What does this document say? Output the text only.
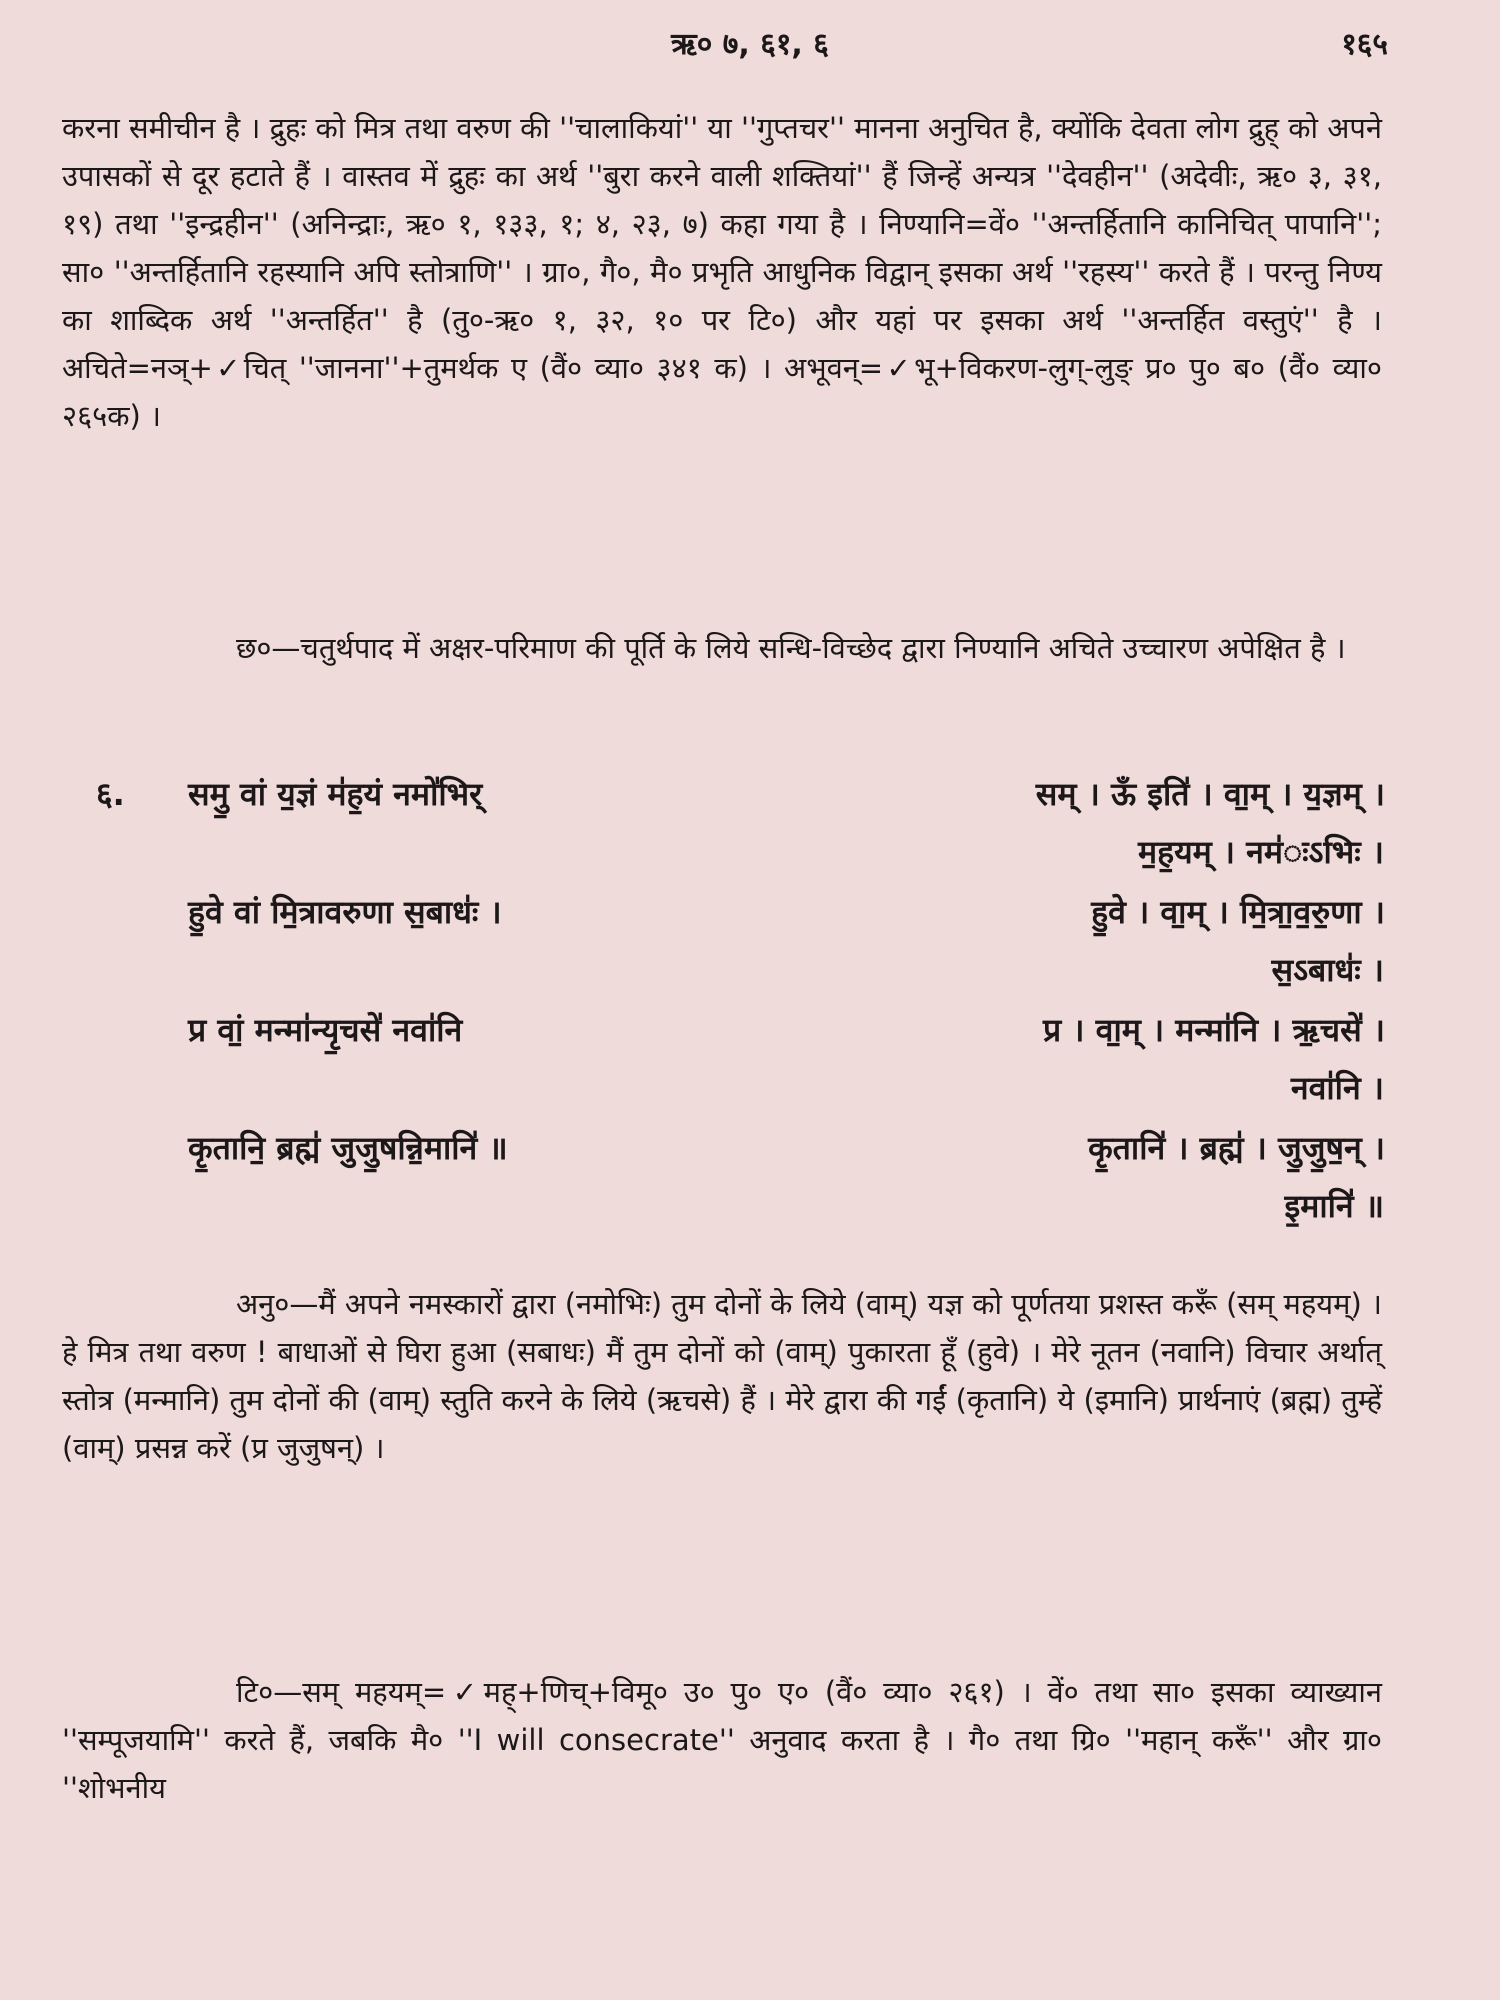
ऋ० ७, ६१, ६	१६५

करना समीचीन है । द्रुहः को मित्र तथा वरुण की ''चालाकियां'' या ''गुप्तचर'' मानना अनुचित है, क्योंकि देवता लोग द्रुह् को अपने उपासकों से दूर हटाते हैं । वास्तव में द्रुहः का अर्थ ''बुरा करने वाली शक्तियां'' हैं जिन्हें अन्यत्र ''देवहीन'' (अदेवीः, ऋ० ३, ३१, १९) तथा ''इन्द्रहीन'' (अनिन्द्राः, ऋ० १, १३३, १; ४, २३, ७) कहा गया है । निण्यानि=वें० ''अन्तर्हितानि कानिचित् पापानि''; सा० ''अन्तर्हितानि रहस्यानि अपि स्तोत्राणि'' । ग्रा०, गै०, मै० प्रभृति आधुनिक विद्वान् इसका अर्थ ''रहस्य'' करते हैं । परन्तु निण्य का शाब्दिक अर्थ ''अन्तर्हित'' है (तु०-ऋ० १, ३२, १० पर टि०) और यहां पर इसका अर्थ ''अन्तर्हित वस्तुएं'' है । अचिते=नञ्+✓चित् ''जानना''+तुमर्थक ए (वैं० व्या० ३४१ क) । अभूवन्=✓भू+विकरण-लुग्-लुङ् प्र० पु० ब० (वैं० व्या० २६५क) ।

छ०—चतुर्थपाद में अक्षर-परिमाण की पूर्ति के लिये सन्धि-विच्छेद द्वारा निण्यानि अचिते उच्चारण अपेक्षित है ।

६. समु॒ वां य॒ज्ञं म॑ह॒यं नमो॑भिर्	सम् । ऊँ इति॑ । वा॒म् । य॒ज्ञम् ।
म॒ह॒यम् । नम॑ःऽभिः ।
हु॒वे वां मि॒त्रावरुणा स॒बाधः॑ ।	हु॒वे । वा॒म् । मि॒त्रा॒व॒रु॒णा ।
स॒ऽबाधः॑ ।
प्र वां॒ मन्मा॑न्यृ॒चसे॑ नवा॑नि	प्र । वा॒म् । मन्मा॑नि । ऋ॒चसे॑ ।
नवा॑नि ।
कृ॒तानि॒ ब्रह्म॑ जुजु॒षन्नि॒मानि॑ ॥	कृ॒तानि॑ । ब्रह्म॑ । जु॒जु॒ष॒न् ।
इ॒मानि॑ ॥

अनु०—मैं अपने नमस्कारों द्वारा (नमोभिः) तुम दोनों के लिये (वाम्) यज्ञ को पूर्णतया प्रशस्त करूँ (सम् महयम्) । हे मित्र तथा वरुण ! बाधाओं से घिरा हुआ (सबाधः) मैं तुम दोनों को (वाम्) पुकारता हूँ (हुवे) । मेरे नूतन (नवानि) विचार अर्थात् स्तोत्र (मन्मानि) तुम दोनों की (वाम्) स्तुति करने के लिये (ऋचसे) हैं । मेरे द्वारा की गईं (कृतानि) ये (इमानि) प्रार्थनाएं (ब्रह्म) तुम्हें (वाम्) प्रसन्न करें (प्र जुजुषन्) ।

टि०—सम् महयम्=✓मह्+णिच्+विमू० उ० पु० ए० (वैं० व्या० २६१) । वें० तथा सा० इसका व्याख्यान ''सम्पूजयामि'' करते हैं, जबकि मै० ''I will consecrate'' अनुवाद करता है । गै० तथा ग्रि० ''महान् करूँ'' और ग्रा० ''शोभनीय
